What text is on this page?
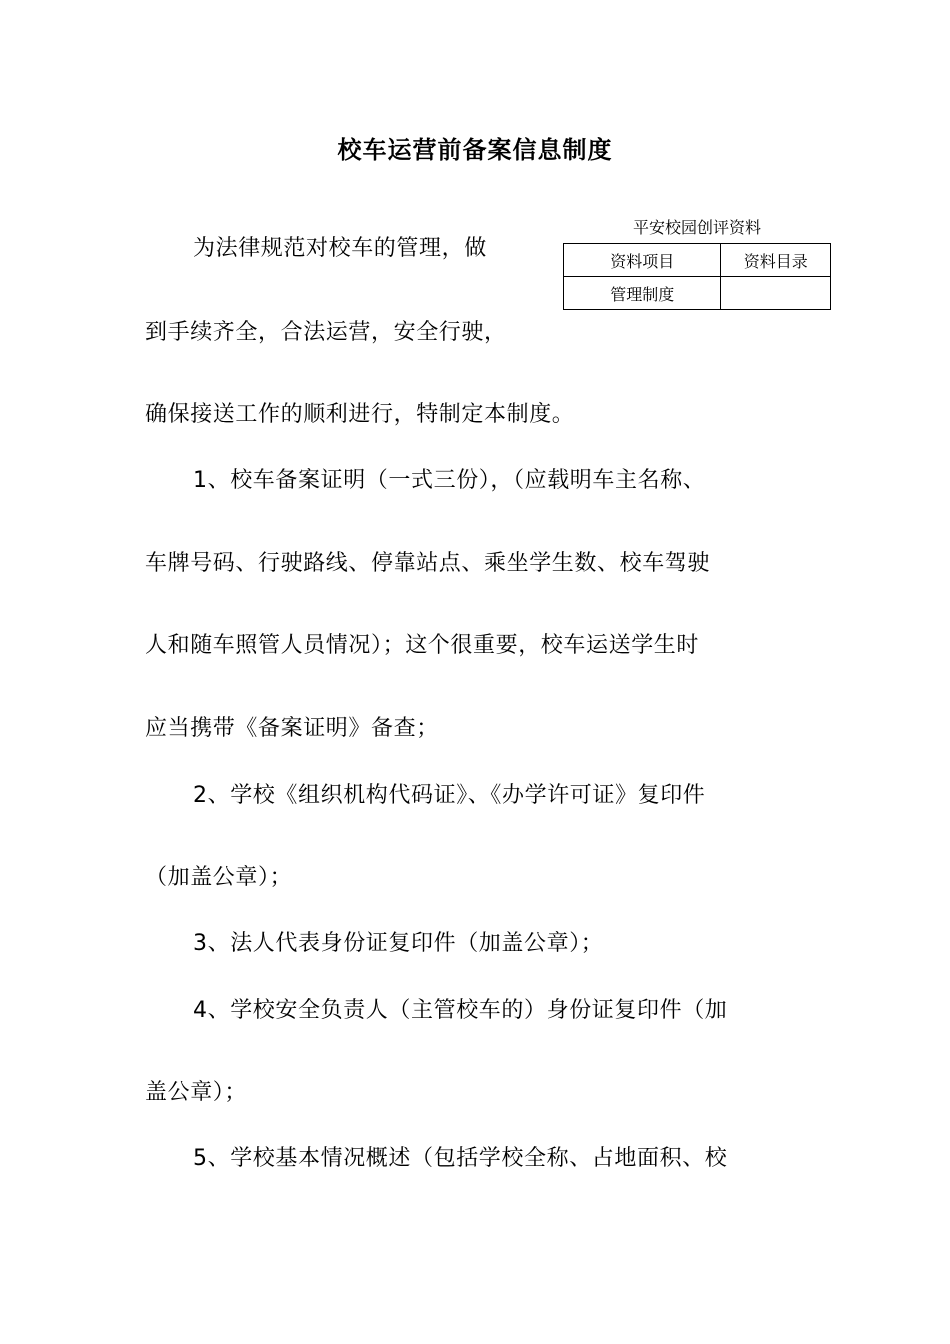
校车运营前备案信息制度
平安校园创评资料
资料项目	资料目录
管理制度	
为法律规范对校车的管理，做
到手续齐全，合法运营，安全行驶，
确保接送工作的顺利进行，特制定本制度。
1、校车备案证明（一式三份），（应载明车主名称、
车牌号码、行驶路线、停靠站点、乘坐学生数、校车驾驶
人和随车照管人员情况）；这个很重要，校车运送学生时
应当携带《备案证明》备查；
2、学校《组织机构代码证》、《办学许可证》复印件
（加盖公章）；
3、法人代表身份证复印件（加盖公章）；
4、学校安全负责人（主管校车的）身份证复印件（加
盖公章）；
5、学校基本情况概述（包括学校全称、占地面积、校
